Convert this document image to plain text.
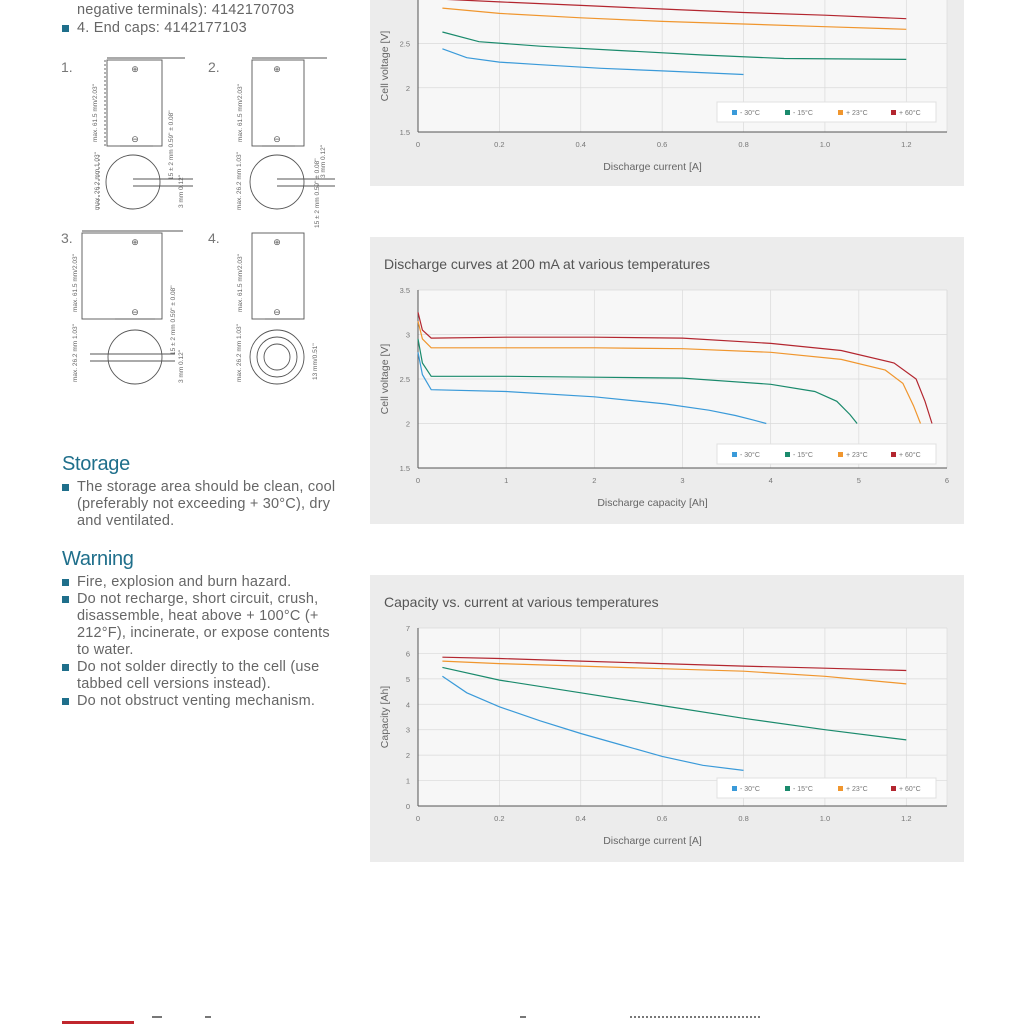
negative terminals): 4142170703
4. End caps: 4142177103
1.	2.
3.	4.
⊕
⊖
⊕
⊖
⊕
⊖
⊕
⊖
max. 61.5 mm/2.03"	max. 61.5 mm/2.03"
max. 61.5 mm/2.03"	max. 61.5 mm/2.03"
max. 26.2 mm 1.03"	max. 26.2 mm 1.03"
max. 26.2 mm 1.03"	max. 26.2 mm 1.03"
15 ± 2 mm 0.59" ± 0.08"
15 ± 2 mm 0.59" ± 0.08"
15 ± 2 mm 0.59" ± 0.08"
3 mm 0.12"
3 mm 0.12"
3 mm 0.12"	13 mm/0.51"
Storage
The storage area should be clean, cool (preferably not exceeding + 30°C), dry and ventilated.
Warning
Fire, explosion and burn hazard.
Do not recharge, short circuit, crush, disassemble, heat above + 100°C (+ 212°F), incinerate, or expose contents to water.
Do not solder directly to the cell (use tabbed cell versions instead).
Do not obstruct venting mechanism.
0	0.2	0.4	0.6	0.8	1.0	1.2
1.5
2
2.5
Discharge current [A]
Cell voltage [V]
- 30°C	- 15°C	+ 23°C	+ 60°C
Discharge curves at 200 mA at various temperatures
0	1	2	3	4	5	6
1.5
2
2.5
3
3.5
Discharge capacity [Ah]
Cell voltage [V]
- 30°C	- 15°C	+ 23°C	+ 60°C
Capacity vs. current at various temperatures
0	0.2	0.4	0.6	0.8	1.0	1.2
0
1
2
3
4
5
6
7
Discharge current [A]
Capacity [Ah]
- 30°C	- 15°C	+ 23°C	+ 60°C
